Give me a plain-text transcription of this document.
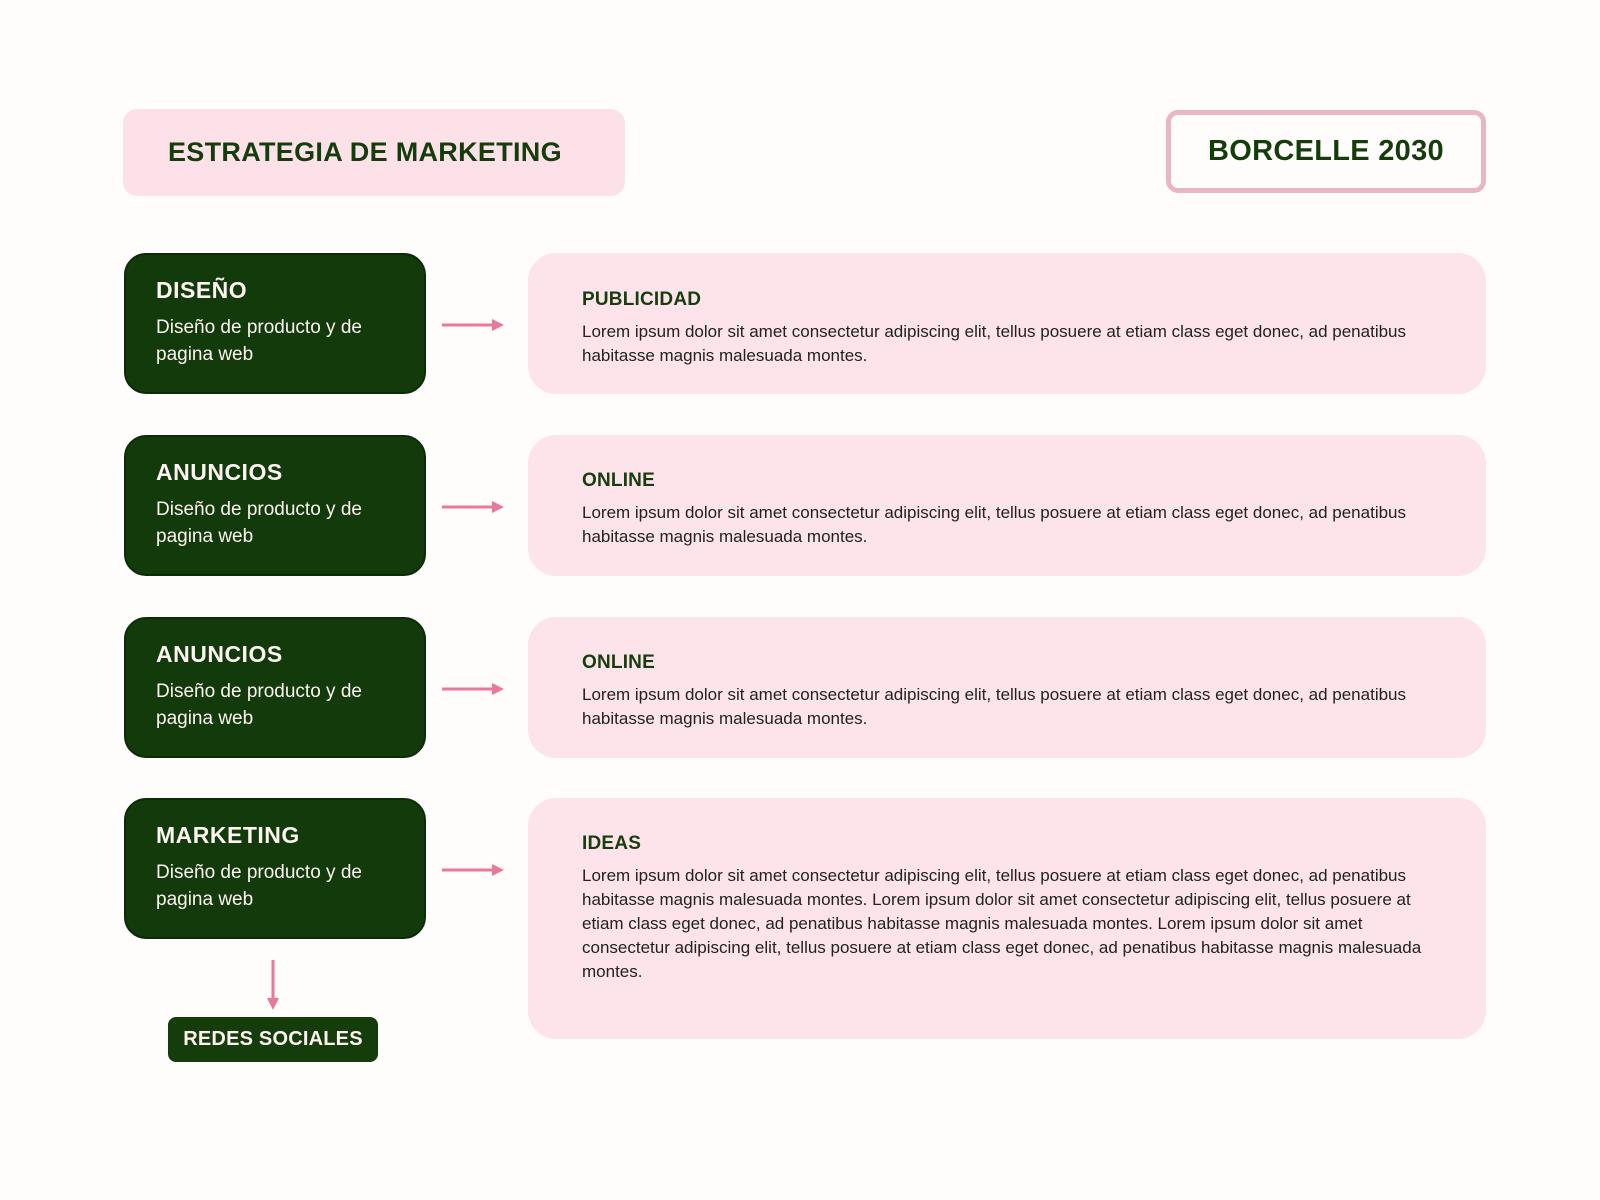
ESTRATEGIA DE MARKETING	BORCELLE 2030
DISEÑO
Diseño de producto y de pagina web
PUBLICIDAD
Lorem ipsum dolor sit amet consectetur adipiscing elit, tellus posuere at etiam class eget donec, ad penatibus habitasse magnis malesuada montes.
ANUNCIOS
Diseño de producto y de pagina web
ONLINE
Lorem ipsum dolor sit amet consectetur adipiscing elit, tellus posuere at etiam class eget donec, ad penatibus habitasse magnis malesuada montes.
ANUNCIOS
Diseño de producto y de pagina web
ONLINE
Lorem ipsum dolor sit amet consectetur adipiscing elit, tellus posuere at etiam class eget donec, ad penatibus habitasse magnis malesuada montes.
MARKETING
Diseño de producto y de pagina web
IDEAS
Lorem ipsum dolor sit amet consectetur adipiscing elit, tellus posuere at etiam class eget donec, ad penatibus habitasse magnis malesuada montes. Lorem ipsum dolor sit amet consectetur adipiscing elit, tellus posuere at etiam class eget donec, ad penatibus habitasse magnis malesuada montes. Lorem ipsum dolor sit amet consectetur adipiscing elit, tellus posuere at etiam class eget donec, ad penatibus habitasse magnis malesuada montes.
REDES SOCIALES
